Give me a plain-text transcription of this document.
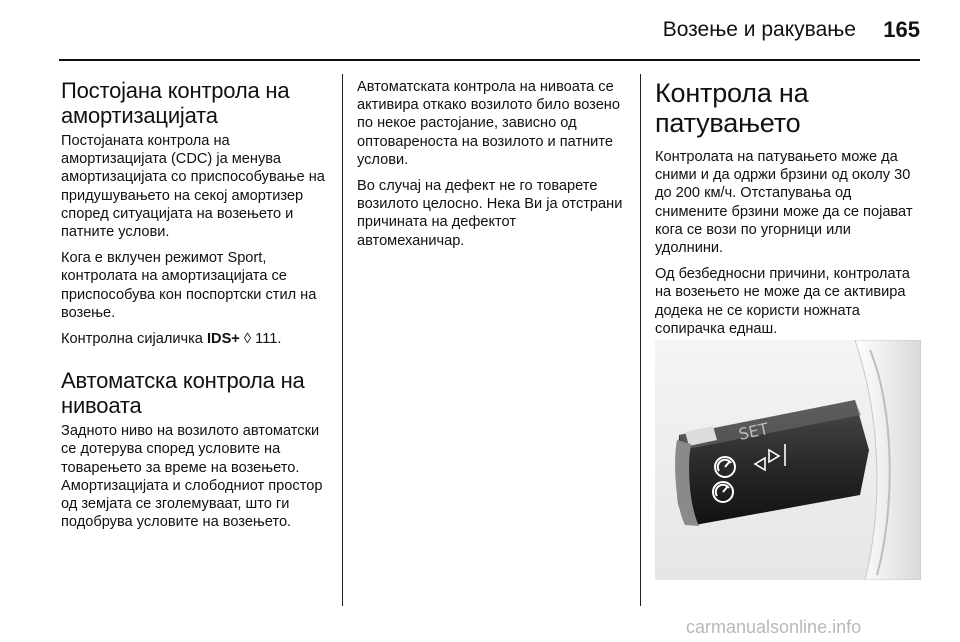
Возење и ракување 165
Постојана контрола на амортизацијата

Постојаната контрола на амортизацијата (CDC) ја менува амортизацијата со приспособување на придушувањето на секој амортизер според ситуацијата на возењето и патните услови.

Кога е вклучен режимот Sport, контролата на амортизацијата се приспособува кон поспортски стил на возење.

Контролна сијаличка IDS+ ◊ 111.

Автоматска контрола на нивоата

Задното ниво на возилото автоматски се дотерува според условите на товарењето за време на возењето. Амортизацијата и слободниот простор од земјата се зголемуваат, што ги подобрува условите на возењето.

Автоматската контрола на нивоата се активира откако возилото било возено по некое растојание, зависно од оптовареноста на возилото и патните услови.

Во случај на дефект не го товарете возилото целосно. Нека Ви ја отстрани причината на дефектот автомеханичар.

Контрола на патувањето

Контролата на патувањето може да сними и да одржи брзини од околу 30 до 200 км/ч. Отстапувања од снимените брзини може да се појават кога се вози по угорници или удолнини.

Од безбедносни причини, контролата на возењето не може да се активира додека не се користи ножната сопирачка еднаш.

SET
carmanualsonline.info
